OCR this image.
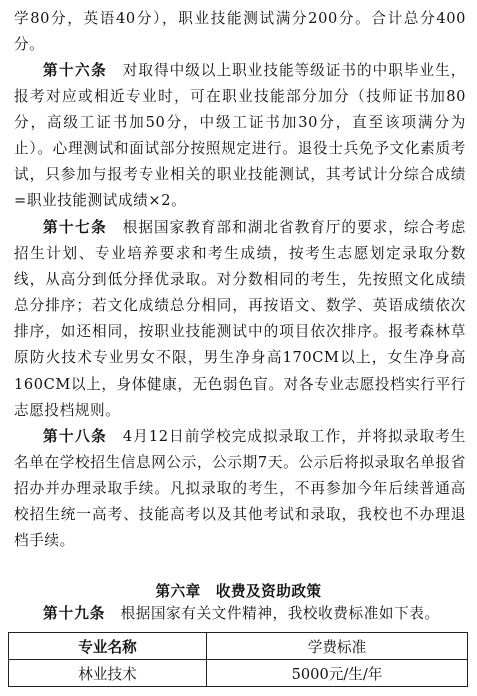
学80分，英语40分），职业技能测试满分200分。合计总分400分。

第十六条　 对取得中级以上职业技能等级证书的中职毕业生，报考对应或相近专业时，可在职业技能部分加分（技师证书加80分，高级工证书加50分，中级工证书加30分，直至该项满分为止）。心理测试和面试部分按照规定进行。退役士兵免予文化素质考试，只参加与报考专业相关的职业技能测试，其考试计分综合成绩=职业技能测试成绩×2。

第十七条　 根据国家教育部和湖北省教育厅的要求，综合考虑招生计划、专业培养要求和考生成绩，按考生志愿划定录取分数线，从高分到低分择优录取。对分数相同的考生，先按照文化成绩总分排序；若文化成绩总分相同，再按语文、数学、英语成绩依次排序，如还相同，按职业技能测试中的项目依次排序。报考森林草原防火技术专业男女不限，男生净身高170CM以上，女生净身高160CM以上，身体健康，无色弱色盲。对各专业志愿投档实行平行志愿投档规则。

第十八条　 4月12日前学校完成拟录取工作，并将拟录取考生名单在学校招生信息网公示，公示期7天。公示后将拟录取名单报省招办并办理录取手续。凡拟录取的考生，不再参加今年后续普通高校招生统一高考、技能高考以及其他考试和录取，我校也不办理退档手续。

第六章　收费及资助政策

第十九条　 根据国家有关文件精神，我校收费标准如下表。

专业名称	学费标准
林业技术	5000元/生/年
